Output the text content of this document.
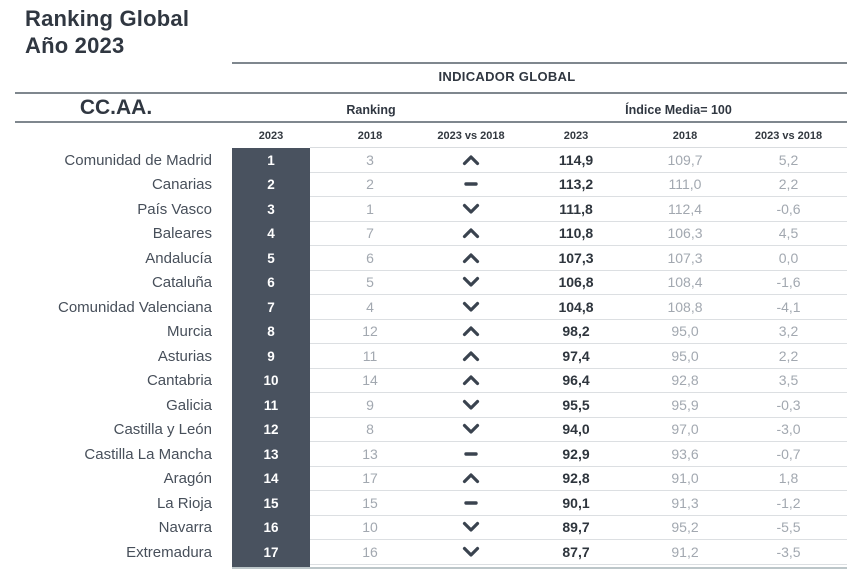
Ranking Global
Año 2023
INDICADOR GLOBAL
CC.AA.	Ranking	Índice Media= 100
2023	2018	2023 vs 2018	2023	2018	2023 vs 2018
Comunidad de Madrid	1	3	114,9	109,7	5,2
Canarias	2	2	113,2	111,0	2,2
País Vasco	3	1	111,8	112,4	-0,6
Baleares	4	7	110,8	106,3	4,5
Andalucía	5	6	107,3	107,3	0,0
Cataluña	6	5	106,8	108,4	-1,6
Comunidad Valenciana	7	4	104,8	108,8	-4,1
Murcia	8	12	98,2	95,0	3,2
Asturias	9	11	97,4	95,0	2,2
Cantabria	10	14	96,4	92,8	3,5
Galicia	11	9	95,5	95,9	-0,3
Castilla y León	12	8	94,0	97,0	-3,0
Castilla La Mancha	13	13	92,9	93,6	-0,7
Aragón	14	17	92,8	91,0	1,8
La Rioja	15	15	90,1	91,3	-1,2
Navarra	16	10	89,7	95,2	-5,5
Extremadura	17	16	87,7	91,2	-3,5
